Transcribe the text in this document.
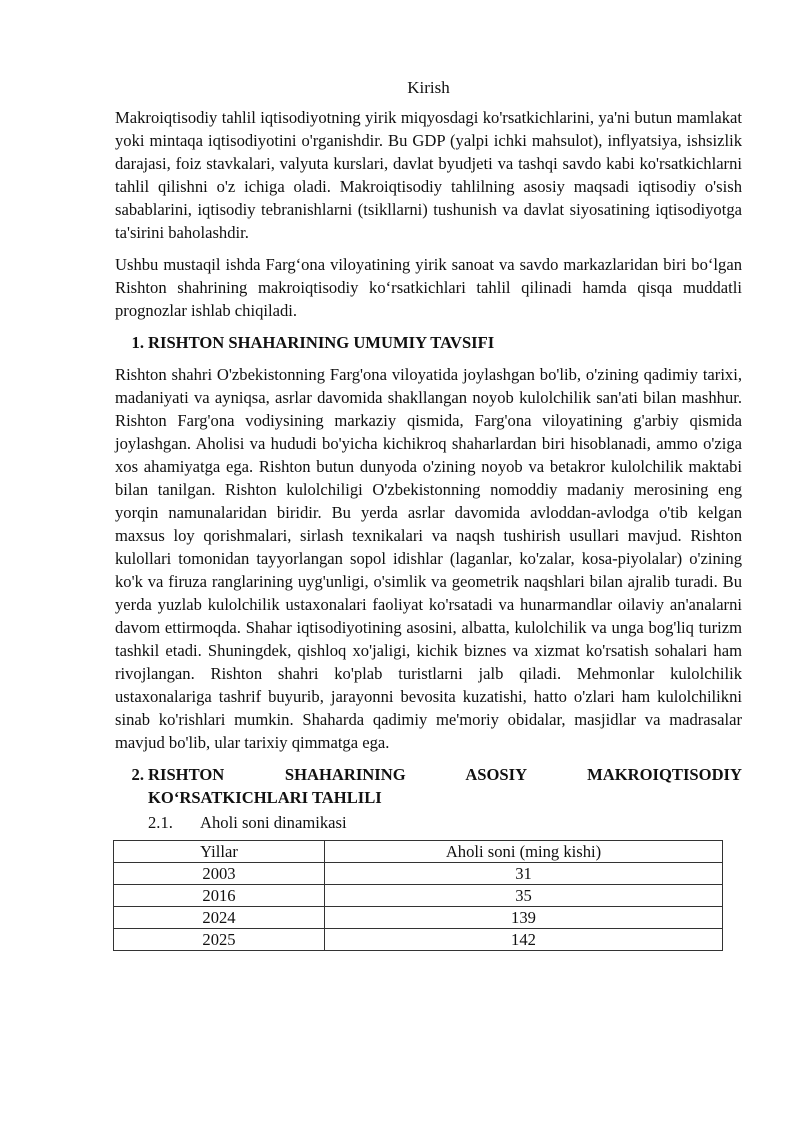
Kirish

Makroiqtisodiy tahlil iqtisodiyotning yirik miqyosdagi ko'rsatkichlarini, ya'ni butun mamlakat yoki mintaqa iqtisodiyotini o'rganishdir. Bu GDP (yalpi ichki mahsulot), inflyatsiya, ishsizlik darajasi, foiz stavkalari, valyuta kurslari, davlat byudjeti va tashqi savdo kabi ko'rsatkichlarni tahlil qilishni o'z ichiga oladi. Makroiqtisodiy tahlilning asosiy maqsadi iqtisodiy o'sish sabablarini, iqtisodiy tebranishlarni (tsikllarni) tushunish va davlat siyosatining iqtisodiyotga ta'sirini baholashdir.

Ushbu mustaqil ishda Farg‘ona viloyatining yirik sanoat va savdo markazlaridan biri bo‘lgan Rishton shahrining makroiqtisodiy ko‘rsatkichlari tahlil qilinadi hamda qisqa muddatli prognozlar ishlab chiqiladi.

1. RISHTON SHAHARINING UMUMIY TAVSIFI

Rishton shahri O'zbekistonning Farg'ona viloyatida joylashgan bo'lib, o'zining qadimiy tarixi, madaniyati va ayniqsa, asrlar davomida shakllangan noyob kulolchilik san'ati bilan mashhur. Rishton Farg'ona vodiysining markaziy qismida, Farg'ona viloyatining g'arbiy qismida joylashgan. Aholisi va hududi bo'yicha kichikroq shaharlardan biri hisoblanadi, ammo o'ziga xos ahamiyatga ega. Rishton butun dunyoda o'zining noyob va betakror kulolchilik maktabi bilan tanilgan. Rishton kulolchiligi O'zbekistonning nomoddiy madaniy merosining eng yorqin namunalaridan biridir. Bu yerda asrlar davomida avloddan-avlodga o'tib kelgan maxsus loy qorishmalari, sirlash texnikalari va naqsh tushirish usullari mavjud. Rishton kulollari tomonidan tayyorlangan sopol idishlar (laganlar, ko'zalar, kosa-piyolalar) o'zining ko'k va firuza ranglarining uyg'unligi, o'simlik va geometrik naqshlari bilan ajralib turadi. Bu yerda yuzlab kulolchilik ustaxonalari faoliyat ko'rsatadi va hunarmandlar oilaviy an'analarni davom ettirmoqda. Shahar iqtisodiyotining asosini, albatta, kulolchilik va unga bog'liq turizm tashkil etadi. Shuningdek, qishloq xo'jaligi, kichik biznes va xizmat ko'rsatish sohalari ham rivojlangan. Rishton shahri ko'plab turistlarni jalb qiladi. Mehmonlar kulolchilik ustaxonalariga tashrif buyurib, jarayonni bevosita kuzatishi, hatto o'zlari ham kulolchilikni sinab ko'rishlari mumkin. Shaharda qadimiy me'moriy obidalar, masjidlar va madrasalar mavjud bo'lib, ular tarixiy qimmatga ega.

2. RISHTON SHAHARINING ASOSIY MAKROIQTISODIY
KO‘RSATKICHLARI TAHLILI
2.1.	Aholi soni dinamikasi
Yillar	Aholi soni (ming kishi)
2003	31
2016	35
2024	139
2025	142
